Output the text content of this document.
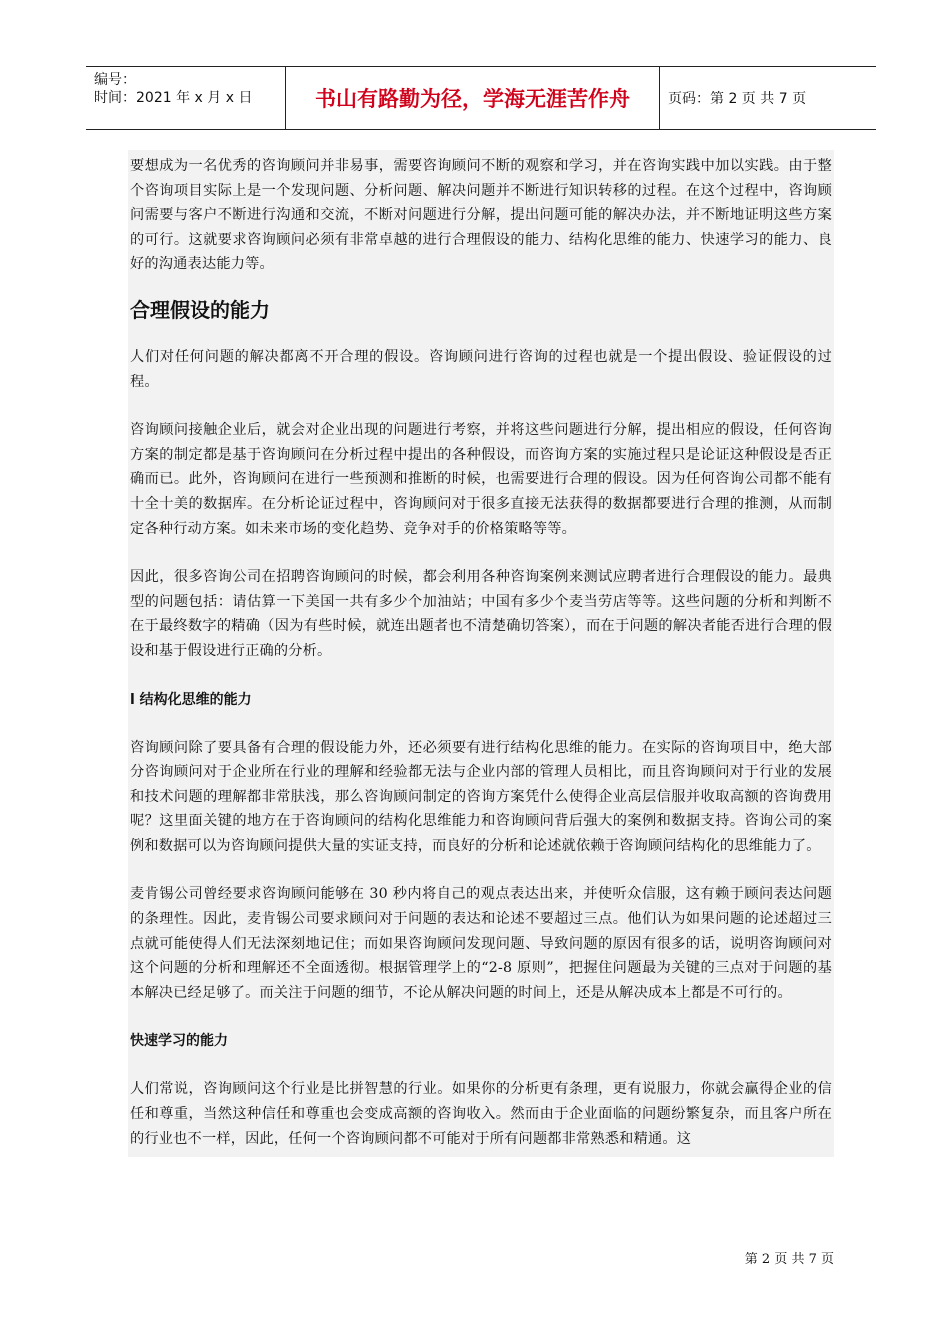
编号：
时间：2021 年 x 月 x 日	书山有路勤为径，学海无涯苦作舟	页码：第 2 页 共 7 页

要想成为一名优秀的咨询顾问并非易事，需要咨询顾问不断的观察和学习，并在咨询实践中加以实践。由于整个咨询项目实际上是一个发现问题、分析问题、解决问题并不断进行知识转移的过程。在这个过程中，咨询顾问需要与客户不断进行沟通和交流，不断对问题进行分解，提出问题可能的解决办法，并不断地证明这些方案的可行。这就要求咨询顾问必须有非常卓越的进行合理假设的能力、结构化思维的能力、快速学习的能力、良好的沟通表达能力等。

合理假设的能力

人们对任何问题的解决都离不开合理的假设。咨询顾问进行咨询的过程也就是一个提出假设、验证假设的过程。

咨询顾问接触企业后，就会对企业出现的问题进行考察，并将这些问题进行分解，提出相应的假设，任何咨询方案的制定都是基于咨询顾问在分析过程中提出的各种假设，而咨询方案的实施过程只是论证这种假设是否正确而已。此外，咨询顾问在进行一些预测和推断的时候，也需要进行合理的假设。因为任何咨询公司都不能有十全十美的数据库。在分析论证过程中，咨询顾问对于很多直接无法获得的数据都要进行合理的推测，从而制定各种行动方案。如未来市场的变化趋势、竞争对手的价格策略等等。

因此，很多咨询公司在招聘咨询顾问的时候，都会利用各种咨询案例来测试应聘者进行合理假设的能力。最典型的问题包括：请估算一下美国一共有多少个加油站；中国有多少个麦当劳店等等。这些问题的分析和判断不在于最终数字的精确（因为有些时候，就连出题者也不清楚确切答案），而在于问题的解决者能否进行合理的假设和基于假设进行正确的分析。

l 结构化思维的能力

咨询顾问除了要具备有合理的假设能力外，还必须要有进行结构化思维的能力。在实际的咨询项目中，绝大部分咨询顾问对于企业所在行业的理解和经验都无法与企业内部的管理人员相比，而且咨询顾问对于行业的发展和技术问题的理解都非常肤浅，那么咨询顾问制定的咨询方案凭什么使得企业高层信服并收取高额的咨询费用呢？这里面关键的地方在于咨询顾问的结构化思维能力和咨询顾问背后强大的案例和数据支持。咨询公司的案例和数据可以为咨询顾问提供大量的实证支持，而良好的分析和论述就依赖于咨询顾问结构化的思维能力了。

麦肯锡公司曾经要求咨询顾问能够在 30 秒内将自己的观点表达出来，并使听众信服，这有赖于顾问表达问题的条理性。因此，麦肯锡公司要求顾问对于问题的表达和论述不要超过三点。他们认为如果问题的论述超过三点就可能使得人们无法深刻地记住；而如果咨询顾问发现问题、导致问题的原因有很多的话，说明咨询顾问对这个问题的分析和理解还不全面透彻。根据管理学上的“2-8 原则”，把握住问题最为关键的三点对于问题的基本解决已经足够了。而关注于问题的细节，不论从解决问题的时间上，还是从解决成本上都是不可行的。

快速学习的能力

人们常说，咨询顾问这个行业是比拼智慧的行业。如果你的分析更有条理，更有说服力，你就会赢得企业的信任和尊重，当然这种信任和尊重也会变成高额的咨询收入。然而由于企业面临的问题纷繁复杂，而且客户所在的行业也不一样，因此，任何一个咨询顾问都不可能对于所有问题都非常熟悉和精通。这

第 2 页 共 7 页
